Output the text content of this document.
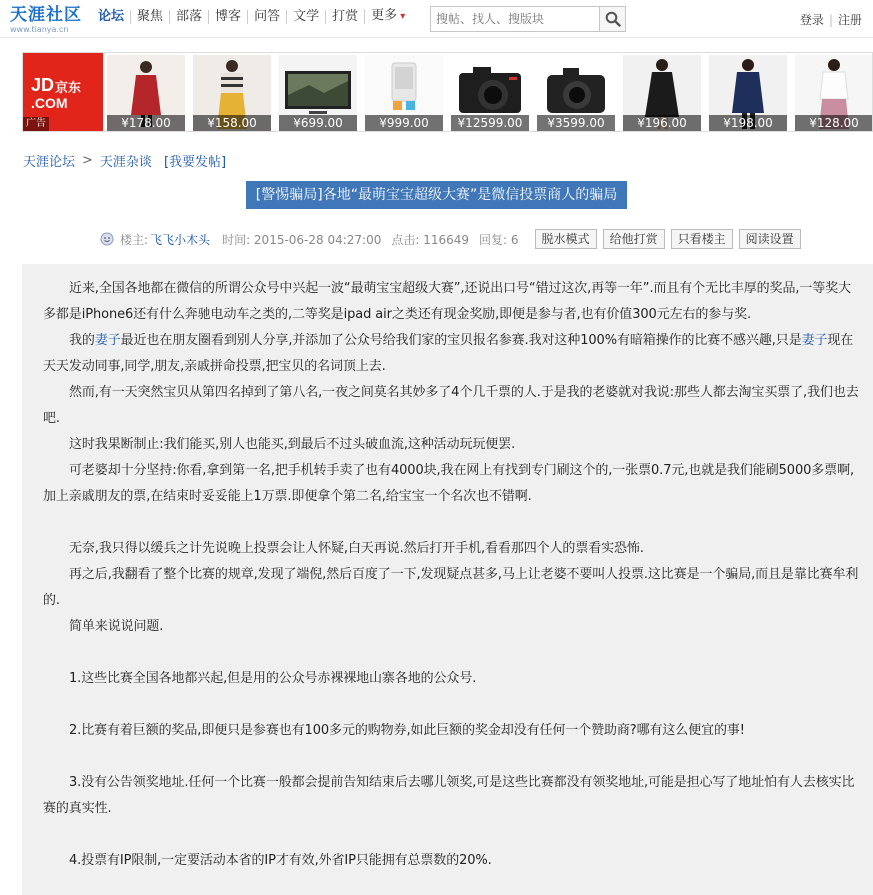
天涯社区
www.tianya.cn
论坛	聚焦	部落	博客	问答	文学	打赏	更多 ▾
搜帖、找人、搜版块	登录 | 注册
JD 京东
.COM
广告	¥178.00	¥158.00	¥699.00	¥999.00	¥12599.00	¥3599.00	¥196.00	¥198.00	¥128.00
天涯论坛 > 天涯杂谈 [我要发帖]
[警惕骗局]各地“最萌宝宝超级大赛”是微信投票商人的骗局
楼主: 飞飞小木头 时间: 2015-06-28 04:27:00 点击: 116649 回复: 6	脱水模式	给他打赏	只看楼主	阅读设置

近来,全国各地都在微信的所谓公众号中兴起一波“最萌宝宝超级大赛”,还说出口号“错过这次,再等一年”.而且有个无比丰厚的奖品,一等奖大多都是iPhone6还有什么奔驰电动车之类的,二等奖是ipad air之类还有现金奖励,即便是参与者,也有价值300元左右的参与奖.

我的妻子最近也在朋友圈看到别人分享,并添加了公众号给我们家的宝贝报名参赛.我对这种100%有暗箱操作的比赛不感兴趣,只是妻子现在天天发动同事,同学,朋友,亲戚拼命投票,把宝贝的名词顶上去.

然而,有一天突然宝贝从第四名掉到了第八名,一夜之间莫名其妙多了4个几千票的人.于是我的老婆就对我说:那些人都去淘宝买票了,我们也去吧.

这时我果断制止:我们能买,别人也能买,到最后不过头破血流,这种活动玩玩便罢.

可老婆却十分坚持:你看,拿到第一名,把手机转手卖了也有4000块,我在网上有找到专门刷这个的,一张票0.7元,也就是我们能刷5000多票啊,加上亲戚朋友的票,在结束时妥妥能上1万票.即便拿个第二名,给宝宝一个名次也不错啊.

无奈,我只得以缓兵之计先说晚上投票会让人怀疑,白天再说.然后打开手机,看看那四个人的票看实恐怖.

再之后,我翻看了整个比赛的规章,发现了端倪,然后百度了一下,发现疑点甚多,马上让老婆不要叫人投票.这比赛是一个骗局,而且是靠比赛牟利的.

简单来说说问题.

1.这些比赛全国各地都兴起,但是用的公众号赤裸裸地山寨各地的公众号.

2.比赛有着巨额的奖品,即便只是参赛也有100多元的购物券,如此巨额的奖金却没有任何一个赞助商?哪有这么便宜的事!

3.没有公告领奖地址.任何一个比赛一般都会提前告知结束后去哪儿领奖,可是这些比赛都没有领奖地址,可能是担心写了地址怕有人去核实比赛的真实性.

4.投票有IP限制,一定要活动本省的IP才有效,外省IP只能拥有总票数的20%.
